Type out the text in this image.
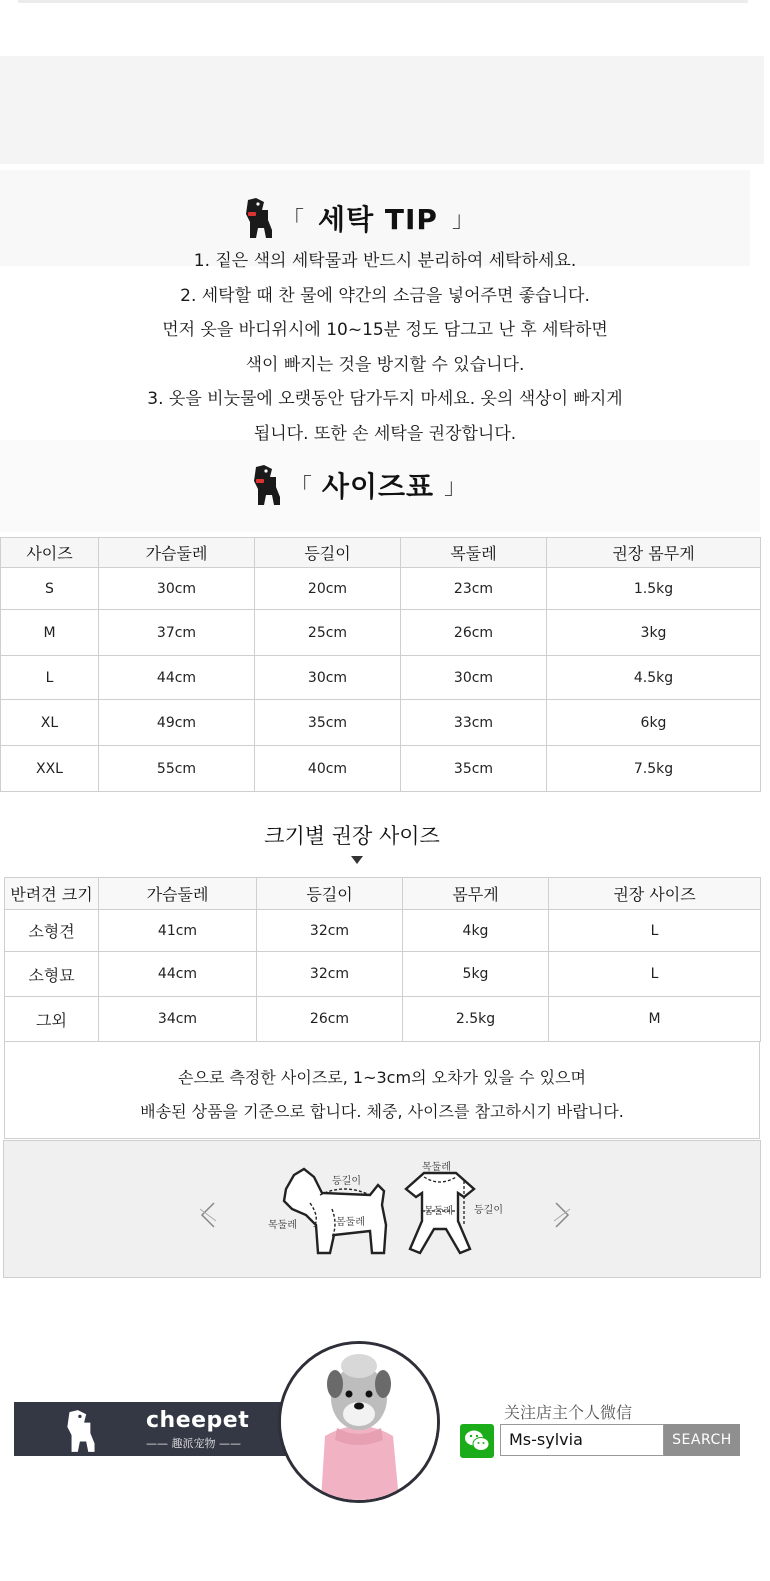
「 세탁 TIP 」
1. 짙은 색의 세탁물과 반드시 분리하여 세탁하세요.
2. 세탁할 때 찬 물에 약간의 소금을 넣어주면 좋습니다.
먼저 옷을 바디위시에 10~15분 정도 담그고 난 후 세탁하면
색이 빠지는 것을 방지할 수 있습니다.
3. 옷을 비눗물에 오랫동안 담가두지 마세요. 옷의 색상이 빠지게
됩니다. 또한 손 세탁을 권장합니다.
「 사이즈표 」
사이즈	가슴둘레	등길이	목둘레	권장 몸무게
S	30cm	20cm	23cm	1.5kg
M	37cm	25cm	26cm	3kg
L	44cm	30cm	30cm	4.5kg
XL	49cm	35cm	33cm	6kg
XXL	55cm	40cm	35cm	7.5kg
크기별 권장 사이즈
반려견 크기	가슴둘레	등길이	몸무게	권장 사이즈
소형견	41cm	32cm	4kg	L
소형묘	44cm	32cm	5kg	L
그외	34cm	26cm	2.5kg	M
손으로 측정한 사이즈로, 1~3cm의 오차가 있을 수 있으며
배송된 상품을 기준으로 합니다. 체중, 사이즈를 참고하시기 바랍니다.
등길이
목둘레	몸둘레
목둘레
몸둘레 등길이
cheepet
—— 趣派宠物 ——
关注店主个人微信
Ms-sylvia	SEARCH
